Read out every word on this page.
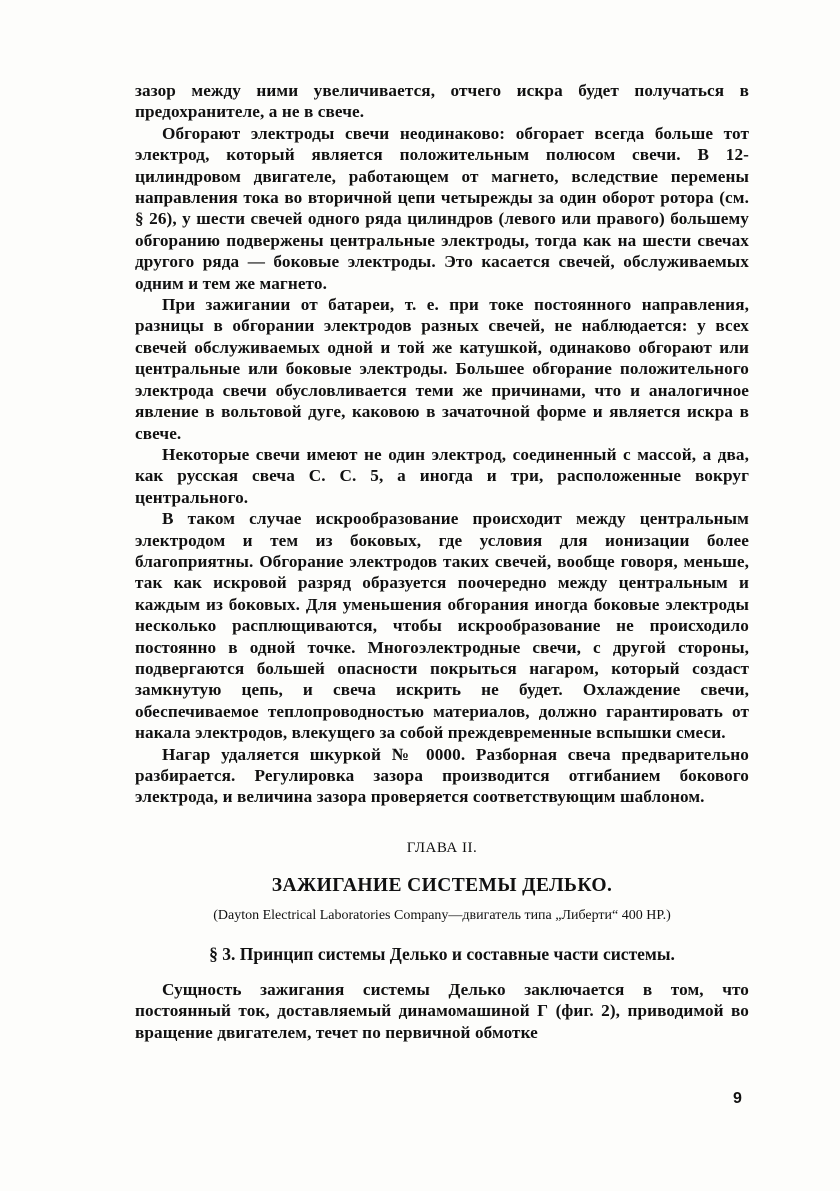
зазор между ними увеличивается, отчего искра будет получаться в предохранителе, а не в свече.

Обгорают электроды свечи неодинаково: обгорает всегда больше тот электрод, который является положительным полюсом свечи. В 12-цилиндровом двигателе, работающем от магнето, вследствие перемены направления тока во вторичной цепи четырежды за один оборот ротора (см. § 26), у шести свечей одного ряда цилиндров (левого или правого) большему обгоранию подвержены центральные электроды, тогда как на шести свечах другого ряда — боковые электроды. Это касается свечей, обслуживаемых одним и тем же магнето.

При зажигании от батареи, т. е. при токе постоянного направления, разницы в обгорании электродов разных свечей, не наблюдается: у всех свечей обслуживаемых одной и той же катушкой, одинаково обгорают или центральные или боковые электроды. Большее обгорание положительного электрода свечи обусловливается теми же причинами, что и аналогичное явление в вольтовой дуге, каковою в зачаточной форме и является искра в свече.

Некоторые свечи имеют не один электрод, соединенный с массой, а два, как русская свеча С. С. 5, а иногда и три, расположенные вокруг центрального.

В таком случае искрообразование происходит между центральным электродом и тем из боковых, где условия для ионизации более благоприятны. Обгорание электродов таких свечей, вообще говоря, меньше, так как искровой разряд образуется поочередно между центральным и каждым из боковых. Для уменьшения обгорания иногда боковые электроды несколько расплющиваются, чтобы искрообразование не происходило постоянно в одной точке. Многоэлектродные свечи, с другой стороны, подвергаются большей опасности покрыться нагаром, который создаст замкнутую цепь, и свеча искрить не будет. Охлаждение свечи, обеспечиваемое теплопроводностью материалов, должно гарантировать от накала электродов, влекущего за собой преждевременные вспышки смеси.

Нагар удаляется шкуркой № 0000. Разборная свеча предварительно разбирается. Регулировка зазора производится отгибанием бокового электрода, и величина зазора проверяется соответствующим шаблоном.

ГЛАВА II.
ЗАЖИГАНИЕ СИСТЕМЫ ДЕЛЬКО.
(Dayton Electrical Laboratories Company—двигатель типа „Либерти“ 400 HP.)
§ 3. Принцип системы Делько и составные части системы.

Сущность зажигания системы Делько заключается в том, что постоянный ток, доставляемый динамомашиной Г (фиг. 2), приводимой во вращение двигателем, течет по первичной обмотке

9
